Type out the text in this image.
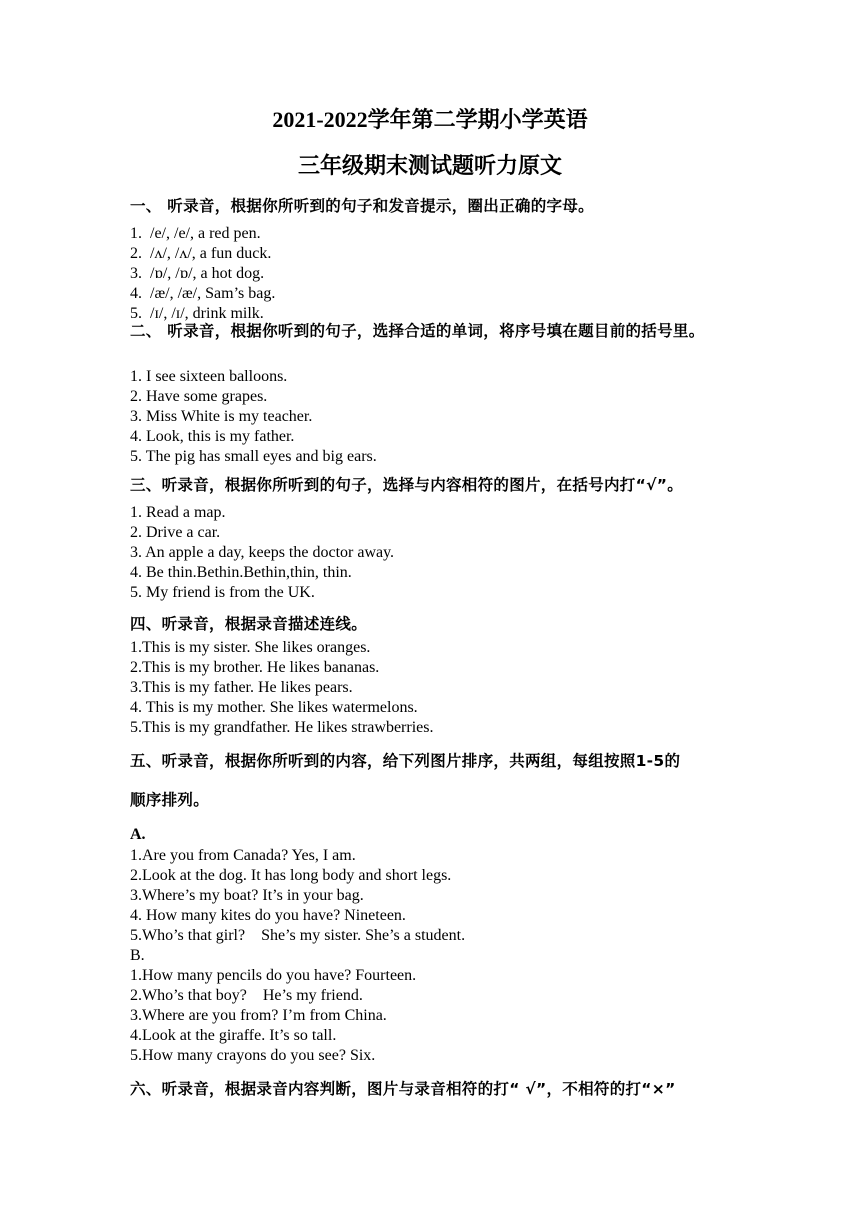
2021-2022学年第二学期小学英语
三年级期末测试题听力原文
一、 听录音，根据你所听到的句子和发音提示，圈出正确的字母。
1.  /e/, /e/, a red pen.
2.  /ʌ/, /ʌ/, a fun duck.
3.  /ɒ/, /ɒ/, a hot dog.
4.  /æ/, /æ/, Sam’s bag.
5.  /ɪ/, /ɪ/, drink milk.
二、 听录音，根据你听到的句子，选择合适的单词，将序号填在题目前的括号里。
1. I see sixteen balloons.
2. Have some grapes.
3. Miss White is my teacher.
4. Look, this is my father.
5. The pig has small eyes and big ears.
三、听录音，根据你所听到的句子，选择与内容相符的图片，在括号内打“√”。
1. Read a map.
2. Drive a car.
3. An apple a day, keeps the doctor away.
4. Be thin.Bethin.Bethin,thin, thin.
5. My friend is from the UK.
四、听录音，根据录音描述连线。
1.This is my sister. She likes oranges.
2.This is my brother. He likes bananas.
3.This is my father. He likes pears.
4. This is my mother. She likes watermelons.
5.This is my grandfather. He likes strawberries.
五、听录音，根据你所听到的内容，给下列图片排序，共两组，每组按照1-5的
顺序排列。
A.
1.Are you from Canada? Yes, I am.
2.Look at the dog. It has long body and short legs.
3.Where’s my boat? It’s in your bag.
4. How many kites do you have? Nineteen.
5.Who’s that girl?    She’s my sister. She’s a student.
B.
1.How many pencils do you have? Fourteen.
2.Who’s that boy?    He’s my friend.
3.Where are you from? I’m from China.
4.Look at the giraffe. It’s so tall.
5.How many crayons do you see? Six.
六、听录音，根据录音内容判断，图片与录音相符的打“ √”，不相符的打“×”
